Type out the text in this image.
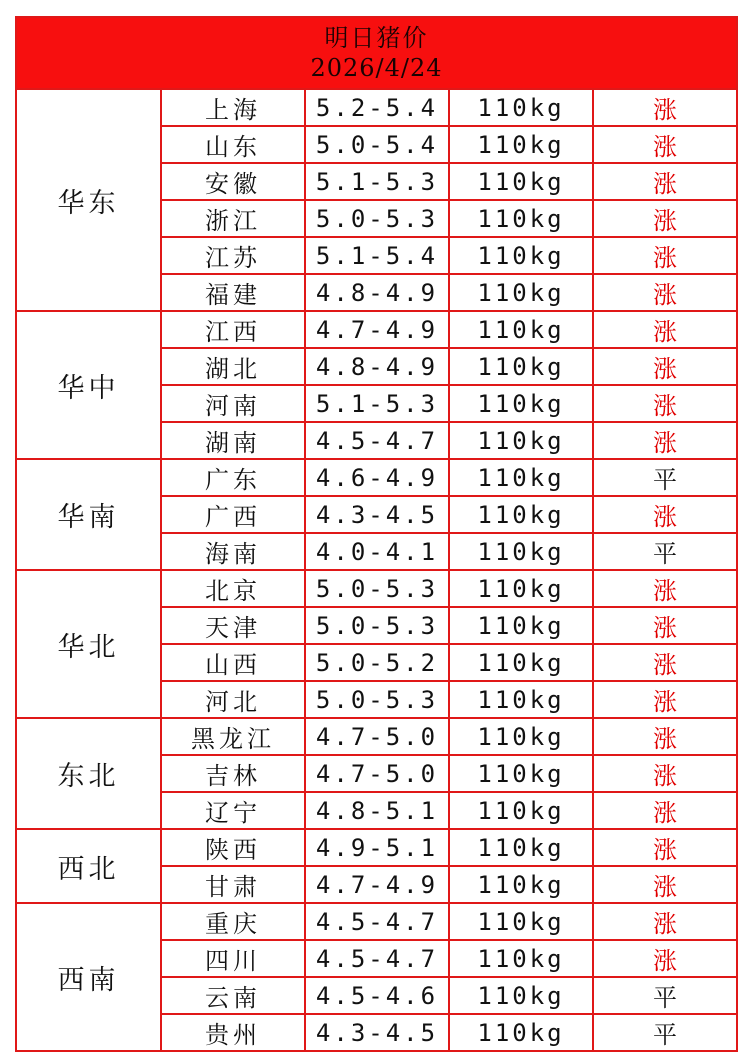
明日猪价
2026/4/24				

华东	上海	5.2-5.4	110kg	涨
	山东	5.0-5.4	110kg	涨
	安徽	5.1-5.3	110kg	涨
	浙江	5.0-5.3	110kg	涨
	江苏	5.1-5.4	110kg	涨
	福建	4.8-4.9	110kg	涨
华中	江西	4.7-4.9	110kg	涨
	湖北	4.8-4.9	110kg	涨
	河南	5.1-5.3	110kg	涨
	湖南	4.5-4.7	110kg	涨
华南	广东	4.6-4.9	110kg	平
	广西	4.3-4.5	110kg	涨
	海南	4.0-4.1	110kg	平
华北	北京	5.0-5.3	110kg	涨
	天津	5.0-5.3	110kg	涨
	山西	5.0-5.2	110kg	涨
	河北	5.0-5.3	110kg	涨
东北	黑龙江	4.7-5.0	110kg	涨
	吉林	4.7-5.0	110kg	涨
	辽宁	4.8-5.1	110kg	涨
西北	陕西	4.9-5.1	110kg	涨
	甘肃	4.7-4.9	110kg	涨
西南	重庆	4.5-4.7	110kg	涨
	四川	4.5-4.7	110kg	涨
	云南	4.5-4.6	110kg	平
	贵州	4.3-4.5	110kg	平
